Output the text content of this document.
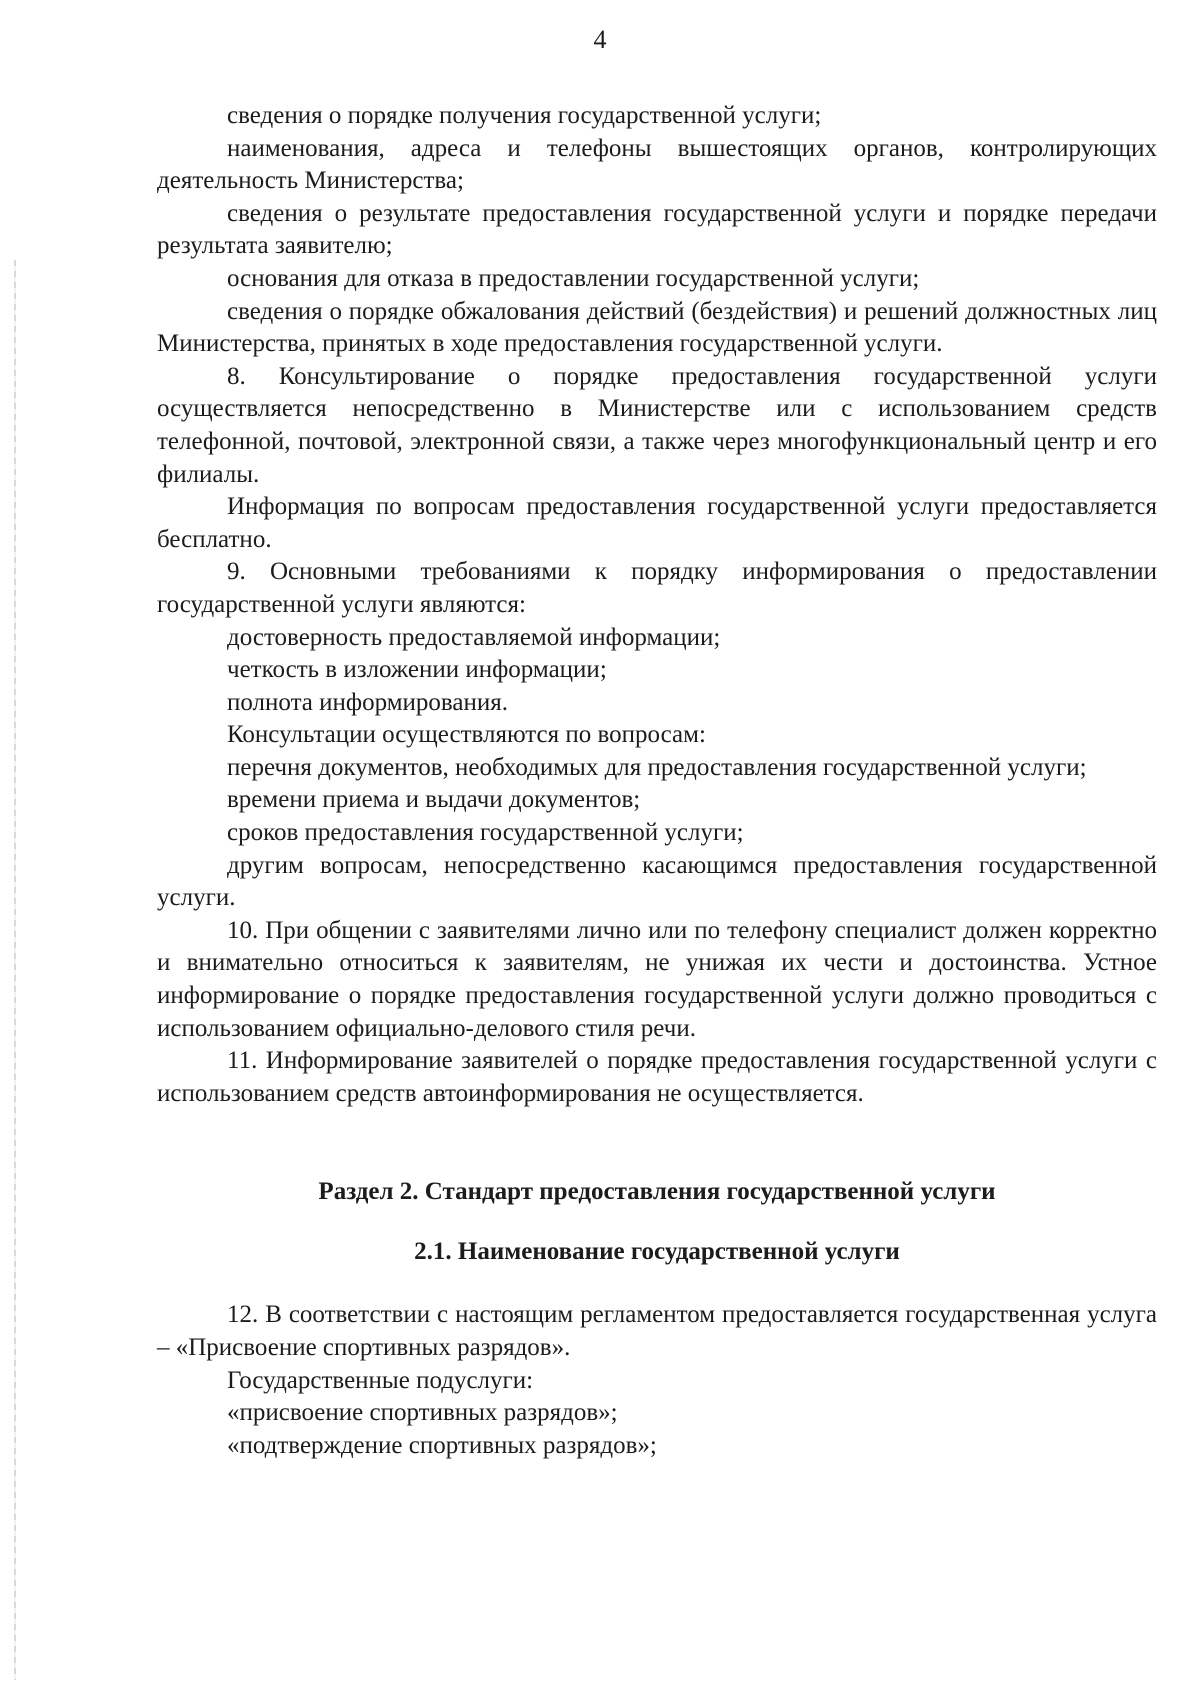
4

сведения о порядке получения государственной услуги;

наименования, адреса и телефоны вышестоящих органов, контролирующих деятельность Министерства;

сведения о результате предоставления государственной услуги и порядке передачи результата заявителю;

основания для отказа в предоставлении государственной услуги;

сведения о порядке обжалования действий (бездействия) и решений должностных лиц Министерства, принятых в ходе предоставления государственной услуги.

8. Консультирование о порядке предоставления государственной услуги осуществляется непосредственно в Министерстве или с использованием средств телефонной, почтовой, электронной связи, а также через многофункциональный центр и его филиалы.

Информация по вопросам предоставления государственной услуги предоставляется бесплатно.

9. Основными требованиями к порядку информирования о предоставлении государственной услуги являются:

достоверность предоставляемой информации;

четкость в изложении информации;

полнота информирования.

Консультации осуществляются по вопросам:

перечня документов, необходимых для предоставления государственной услуги;

времени приема и выдачи документов;

сроков предоставления государственной услуги;

другим вопросам, непосредственно касающимся предоставления государственной услуги.

10. При общении с заявителями лично или по телефону специалист должен корректно и внимательно относиться к заявителям, не унижая их чести и достоинства. Устное информирование о порядке предоставления государственной услуги должно проводиться с использованием официально-делового стиля речи.

11. Информирование заявителей о порядке предоставления государственной услуги с использованием средств автоинформирования не осуществляется.

Раздел 2. Стандарт предоставления государственной услуги
2.1. Наименование государственной услуги

12. В соответствии с настоящим регламентом предоставляется государственная услуга – «Присвоение спортивных разрядов».

Государственные подуслуги:

«присвоение спортивных разрядов»;

«подтверждение спортивных разрядов»;
